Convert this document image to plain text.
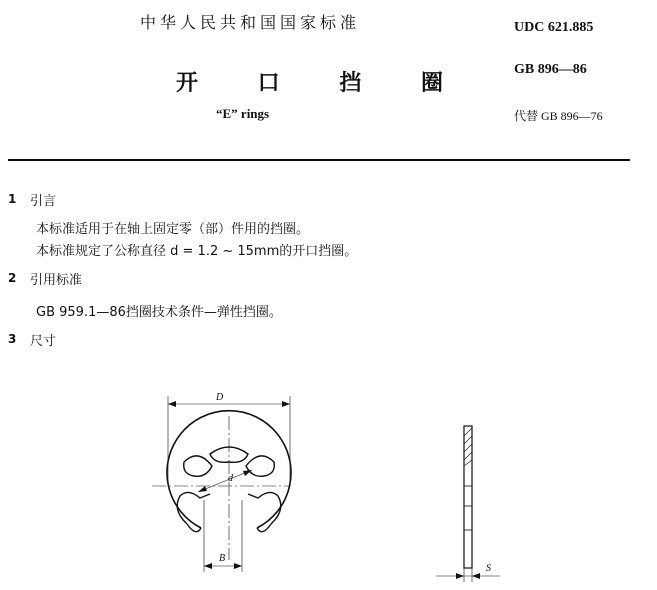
中华人民共和国国家标准	UDC 621.885
开 口 挡 圈
GB 896—86
“E” rings	代替 GB 896—76
1 引言
本标准适用于在轴上固定零（部）件用的挡圈。
本标准规定了公称直径 d = 1.2 ~ 15mm的开口挡圈。
2 引用标准
GB 959.1—86挡圈技术条件—弹性挡圈。
3 尺寸
D
d
B
S
